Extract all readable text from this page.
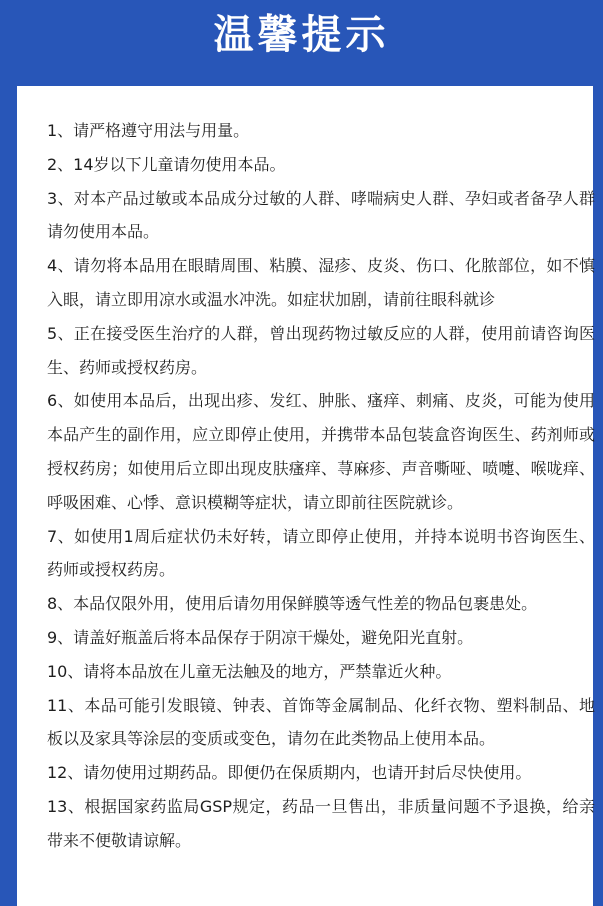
温馨提示
1、请严格遵守用法与用量。
2、14岁以下儿童请勿使用本品。
3、对本产品过敏或本品成分过敏的人群、哮喘病史人群、孕妇或者备孕人群请勿使用本品。
4、请勿将本品用在眼睛周围、粘膜、湿疹、皮炎、伤口、化脓部位，如不慎入眼，请立即用凉水或温水冲洗。如症状加剧，请前往眼科就诊
5、正在接受医生治疗的人群，曾出现药物过敏反应的人群，使用前请咨询医生、药师或授权药房。
6、如使用本品后，出现出疹、发红、肿胀、瘙痒、刺痛、皮炎，可能为使用本品产生的副作用，应立即停止使用，并携带本品包装盒咨询医生、药剂师或授权药房；如使用后立即出现皮肤瘙痒、荨麻疹、声音嘶哑、喷嚏、喉咙痒、呼吸困难、心悸、意识模糊等症状，请立即前往医院就诊。
7、如使用1周后症状仍未好转，请立即停止使用，并持本说明书咨询医生、药师或授权药房。
8、本品仅限外用，使用后请勿用保鲜膜等透气性差的物品包裹患处。
9、请盖好瓶盖后将本品保存于阴凉干燥处，避免阳光直射。
10、请将本品放在儿童无法触及的地方，严禁靠近火种。
11、本品可能引发眼镜、钟表、首饰等金属制品、化纤衣物、塑料制品、地板以及家具等涂层的变质或变色，请勿在此类物品上使用本品。
12、请勿使用过期药品。即便仍在保质期内，也请开封后尽快使用。
13、根据国家药监局GSP规定，药品一旦售出，非质量问题不予退换，给亲带来不便敬请谅解。
